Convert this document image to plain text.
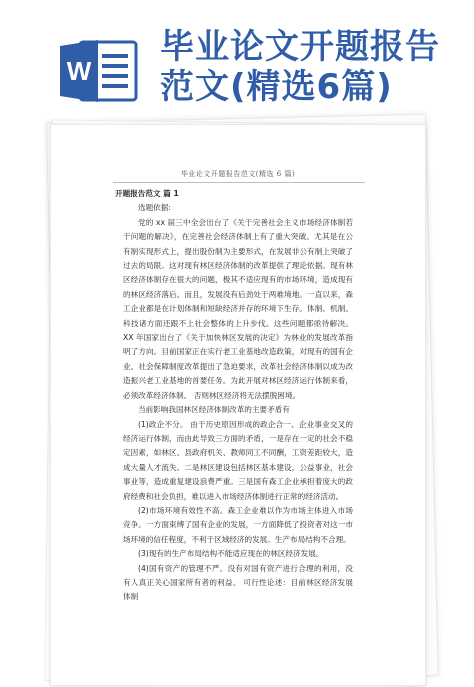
W
毕业论文开题报告范文(精选6篇)
毕业论文开题报告范文(精选 6 篇)

开题报告范文 篇 1

选题依据:

党的 xx 届三中全会出台了《关于完善社会主义市场经济体制若干问题的解决》，在完善社会经济体制上有了重大突破。尤其是在公有制实现形式上，提出股份制为主要形式，在发展非公有制上突破了过去的局限。这对现有林区经济体制的改革提供了理论依据。现有林区经济体制存在很大的问题，极其不适应现有的市场环境，造成现有的林区经济落后。而且，发展没有后劲处于两难境地。一直以来，森工企业都是在计划体制和短缺经济并存的环境下生存。体制、机制、科技诸方面还跟不上社会整体的上升步伐。这些问题都亟待解决。 XX 年国家出台了《关于加快林区发展的决定》为林业的发展改革指明了方向。目前国家正在实行老工业基地改造政策，对现有的国有企业、社会保障制度改革提出了急迫要求，改革社会经济体制以成为改造振兴老工业基地的首要任务。为此开展对林区经济运行体制来看，必须改革经济体制。 否则林区经济将无法摆脱困境。

当前影响我国林区经济体制改革的主要矛盾有

(1)政企不分。 由于历史原因形成的政企合一、企业事业交叉的经济运行体制，而由此导致三方面的矛盾，一是存在一定的社会不稳定因素，如林区、县政府机关、教师同工不同酬，工资差距较大，造成大量人才流失。二是林区建设包括林区基本建设，公益事业，社会事业等，造成重复建设浪费严重。三是国有森工企业承担着庞大的政府经费和社会负担，难以进入市场经济体制进行正常的经济活动。

(2)市场环境有效性不高。森工企业难以作为市场主体进入市场竞争。一方面束缚了国有企业的发展，一方面降低了投资者对这一市场环境的信任程度，不利于区域经济的发展。生产布局结构不合理。

(3)现有的生产布局结构不能适应现在的林区经济发展。

(4)国有资产的管理不严。没有对国有资产进行合理的利用，没有人真正关心国家所有者的利益。 可行性论述：目前林区经济发展体制
